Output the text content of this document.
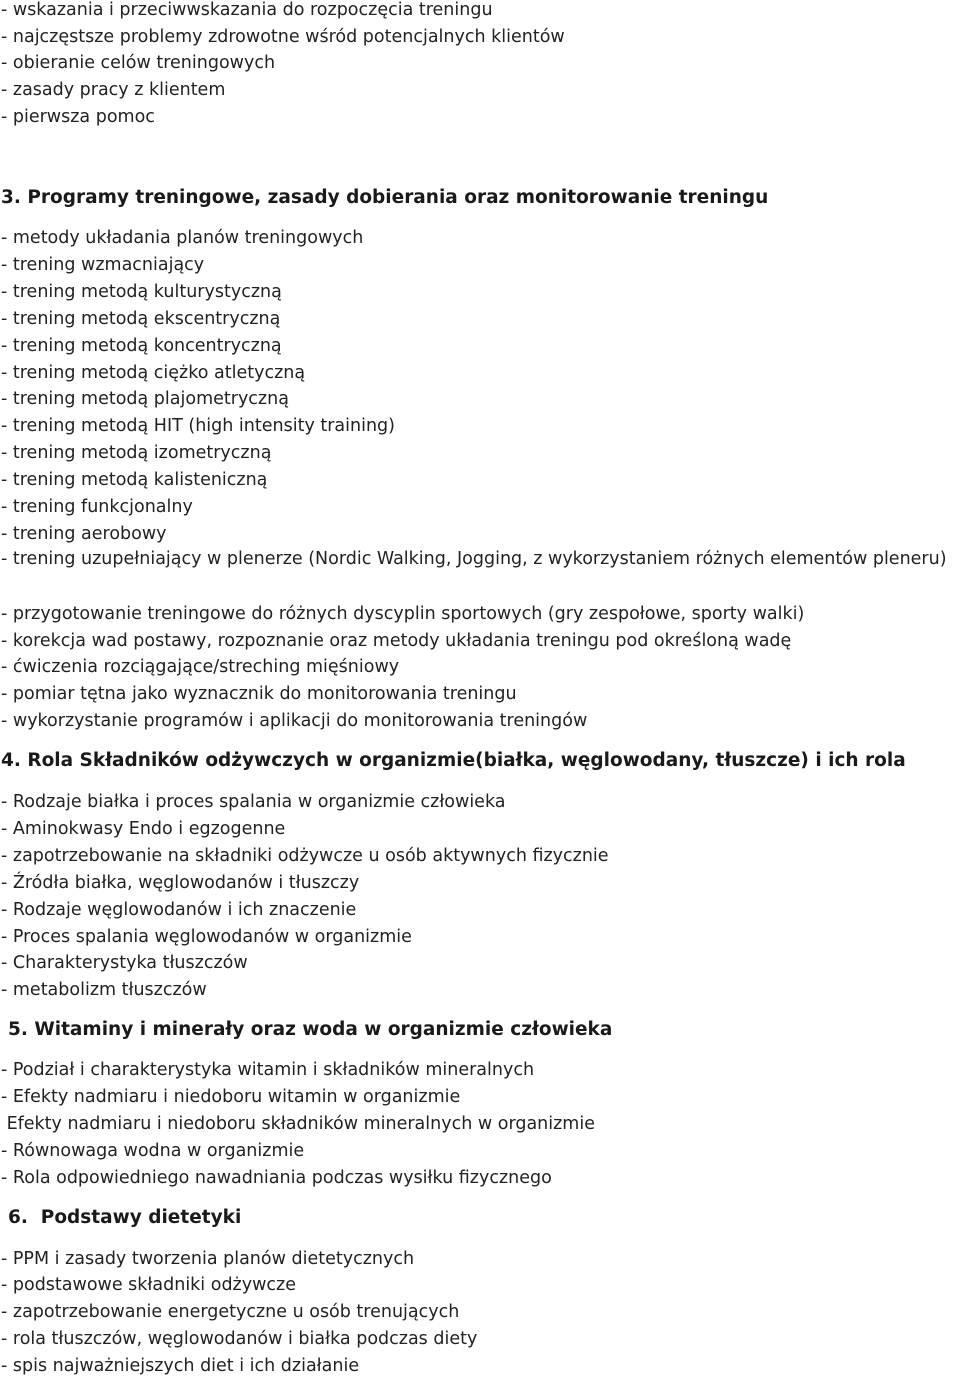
- wskazania i przeciwwskazania do rozpoczęcia treningu
- najczęstsze problemy zdrowotne wśród potencjalnych klientów
- obieranie celów treningowych
- zasady pracy z klientem
- pierwsza pomoc
3. Programy treningowe, zasady dobierania oraz monitorowanie treningu
- metody układania planów treningowych
- trening wzmacniający
- trening metodą kulturystyczną
- trening metodą ekscentryczną
- trening metodą koncentryczną
- trening metodą ciężko atletyczną
- trening metodą plajometryczną
- trening metodą HIT (high intensity training)
- trening metodą izometryczną
- trening metodą kalisteniczną
- trening funkcjonalny
- trening aerobowy
- trening uzupełniający w plenerze (Nordic Walking, Jogging, z wykorzystaniem różnych elementów pleneru)
- przygotowanie treningowe do różnych dyscyplin sportowych (gry zespołowe, sporty walki)
- korekcja wad postawy, rozpoznanie oraz metody układania treningu pod określoną wadę
- ćwiczenia rozciągające/streching mięśniowy
- pomiar tętna jako wyznacznik do monitorowania treningu
- wykorzystanie programów i aplikacji do monitorowania treningów
4. Rola Składników odżywczych w organizmie(białka, węglowodany, tłuszcze) i ich rola
- Rodzaje białka i proces spalania w organizmie człowieka
- Aminokwasy Endo i egzogenne
- zapotrzebowanie na składniki odżywcze u osób aktywnych fizycznie
- Źródła białka, węglowodanów i tłuszczy
- Rodzaje węglowodanów i ich znaczenie
- Proces spalania węglowodanów w organizmie
- Charakterystyka tłuszczów
- metabolizm tłuszczów
5. Witaminy i minerały oraz woda w organizmie człowieka
- Podział i charakterystyka witamin i składników mineralnych
- Efekty nadmiaru i niedoboru witamin w organizmie
Efekty nadmiaru i niedoboru składników mineralnych w organizmie
- Równowaga wodna w organizmie
- Rola odpowiedniego nawadniania podczas wysiłku fizycznego
6.  Podstawy dietetyki
- PPM i zasady tworzenia planów dietetycznych
- podstawowe składniki odżywcze
- zapotrzebowanie energetyczne u osób trenujących
- rola tłuszczów, węglowodanów i białka podczas diety
- spis najważniejszych diet i ich działanie
